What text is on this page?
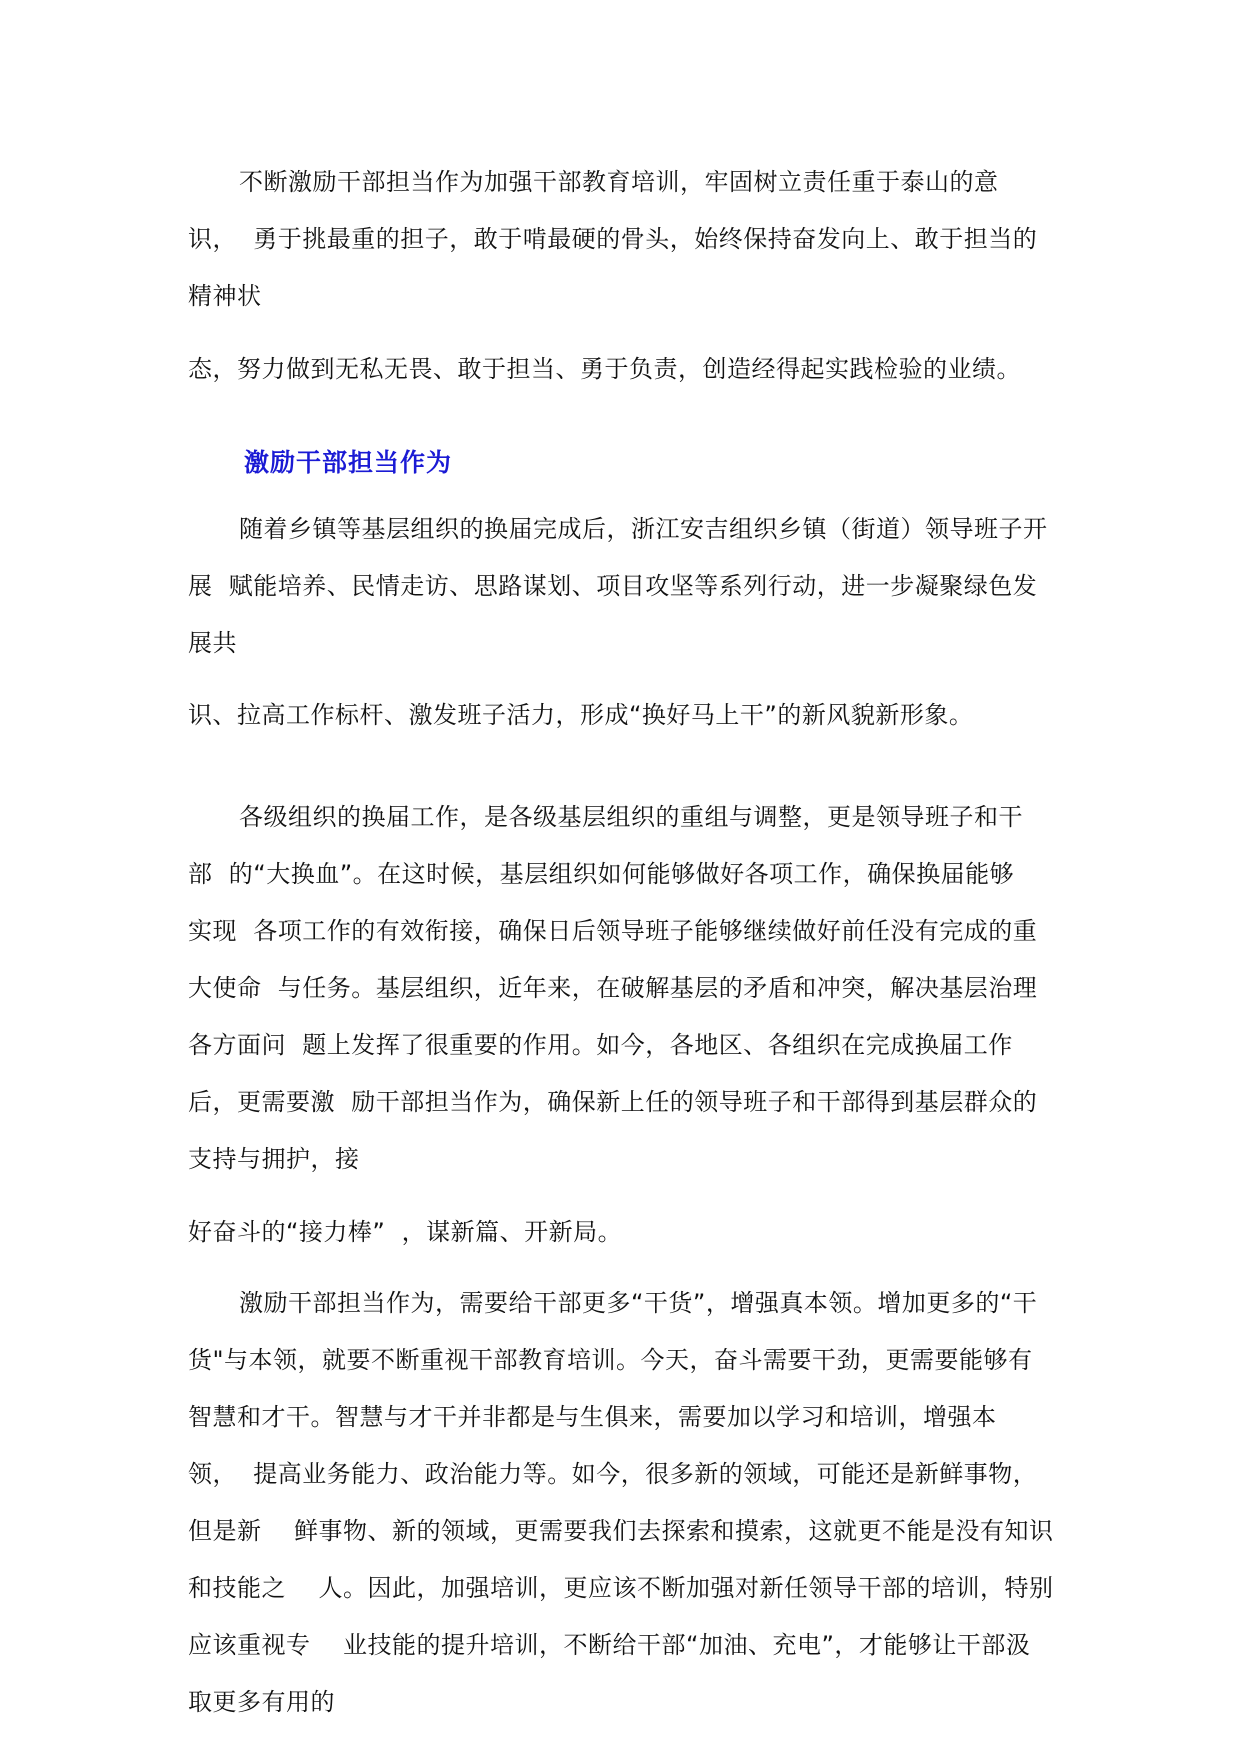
不断激励干部担当作为加强干部教育培训，牢固树立责任重于泰山的意
识，  勇于挑最重的担子，敢于啃最硬的骨头，始终保持奋发向上、敢于担当的
精神状
态，努力做到无私无畏、敢于担当、勇于负责，创造经得起实践检验的业绩。
激励干部担当作为
随着乡镇等基层组织的换届完成后，浙江安吉组织乡镇（街道）领导班子开
展  赋能培养、民情走访、思路谋划、项目攻坚等系列行动，进一步凝聚绿色发
展共
识、拉高工作标杆、激发班子活力，形成“换好马上干”的新风貌新形象。
各级组织的换届工作，是各级基层组织的重组与调整，更是领导班子和干
部  的“大换血”。在这时候，基层组织如何能够做好各项工作，确保换届能够
实现  各项工作的有效衔接，确保日后领导班子能够继续做好前任没有完成的重
大使命  与任务。基层组织，近年来，在破解基层的矛盾和冲突，解决基层治理
各方面问  题上发挥了很重要的作用。如今，各地区、各组织在完成换届工作
后，更需要激  励干部担当作为，确保新上任的领导班子和干部得到基层群众的
支持与拥护，接
好奋斗的“接力棒”  ，谋新篇、开新局。
激励干部担当作为，需要给干部更多“干货”，增强真本领。增加更多的“干
货"与本领，就要不断重视干部教育培训。今天，奋斗需要干劲，更需要能够有
智慧和才干。智慧与才干并非都是与生俱来，需要加以学习和培训，增强本
领，  提高业务能力、政治能力等。如今，很多新的领域，可能还是新鲜事物，
但是新    鲜事物、新的领域，更需要我们去探索和摸索，这就更不能是没有知识
和技能之    人。因此，加强培训，更应该不断加强对新任领导干部的培训，特别
应该重视专    业技能的提升培训，不断给干部“加油、充电”，才能够让干部汲
取更多有用的
